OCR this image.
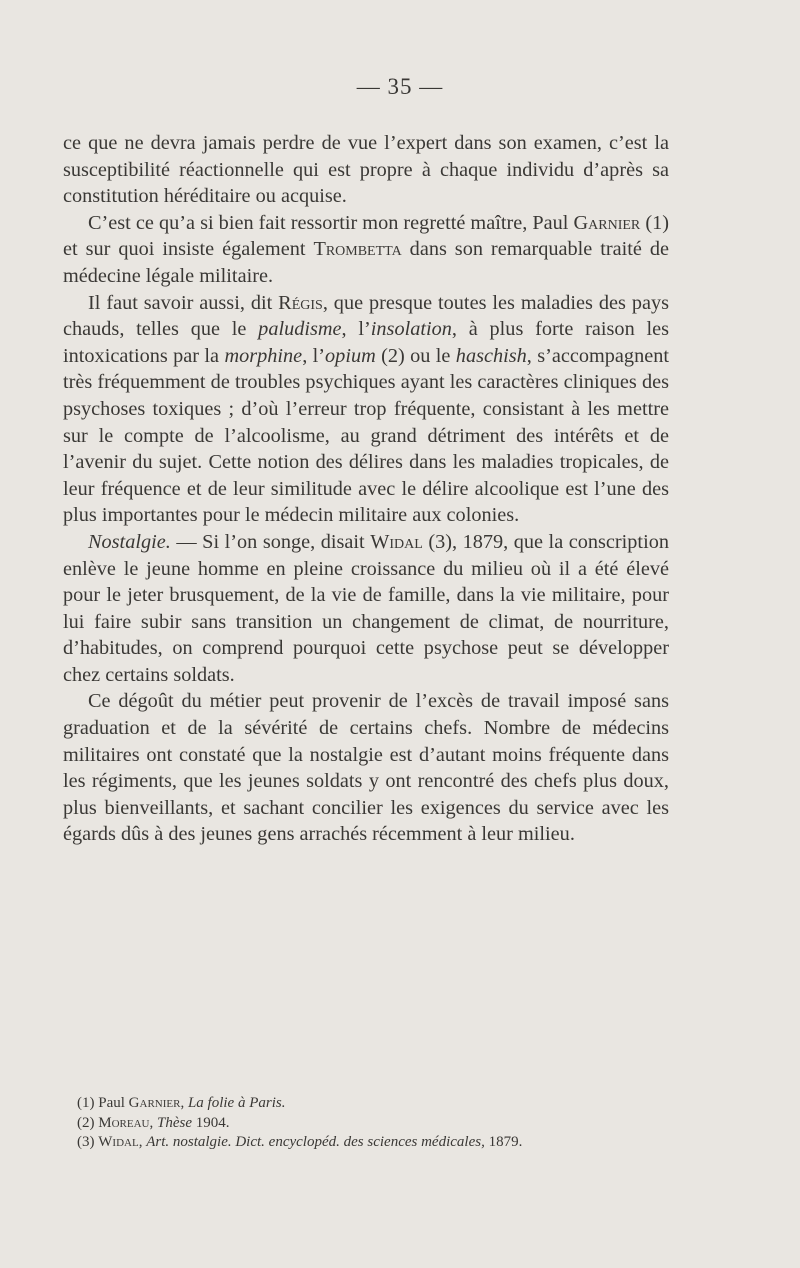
— 35 —

ce que ne devra jamais perdre de vue l’expert dans son examen, c’est la susceptibilité réactionnelle qui est propre à chaque individu d’après sa constitution héréditaire ou acquise.

C’est ce qu’a si bien fait ressortir mon regretté maître, Paul Garnier (1) et sur quoi insiste également Trombetta dans son remarquable traité de médecine légale militaire.

Il faut savoir aussi, dit Régis, que presque toutes les maladies des pays chauds, telles que le paludisme, l’insolation, à plus forte raison les intoxications par la morphine, l’opium (2) ou le haschish, s’accompagnent très fréquemment de troubles psychiques ayant les caractères cliniques des psychoses toxiques ; d’où l’erreur trop fréquente, consistant à les mettre sur le compte de l’alcoolisme, au grand détriment des intérêts et de l’avenir du sujet. Cette notion des délires dans les maladies tropicales, de leur fréquence et de leur similitude avec le délire alcoolique est l’une des plus importantes pour le médecin militaire aux colonies.

Nostalgie. — Si l’on songe, disait Widal (3), 1879, que la conscription enlève le jeune homme en pleine croissance du milieu où il a été élevé pour le jeter brusquement, de la vie de famille, dans la vie militaire, pour lui faire subir sans transition un changement de climat, de nourriture, d’habitudes, on comprend pourquoi cette psychose peut se développer chez certains soldats.

Ce dégoût du métier peut provenir de l’excès de travail imposé sans graduation et de la sévérité de certains chefs. Nombre de médecins militaires ont constaté que la nostalgie est d’autant moins fréquente dans les régiments, que les jeunes soldats y ont rencontré des chefs plus doux, plus bienveillants, et sachant concilier les exigences du service avec les égards dûs à des jeunes gens arrachés récemment à leur milieu.

(1) Paul Garnier, La folie à Paris.

(2) Moreau, Thèse 1904.

(3) Widal, Art. nostalgie. Dict. encyclopéd. des sciences médicales, 1879.
